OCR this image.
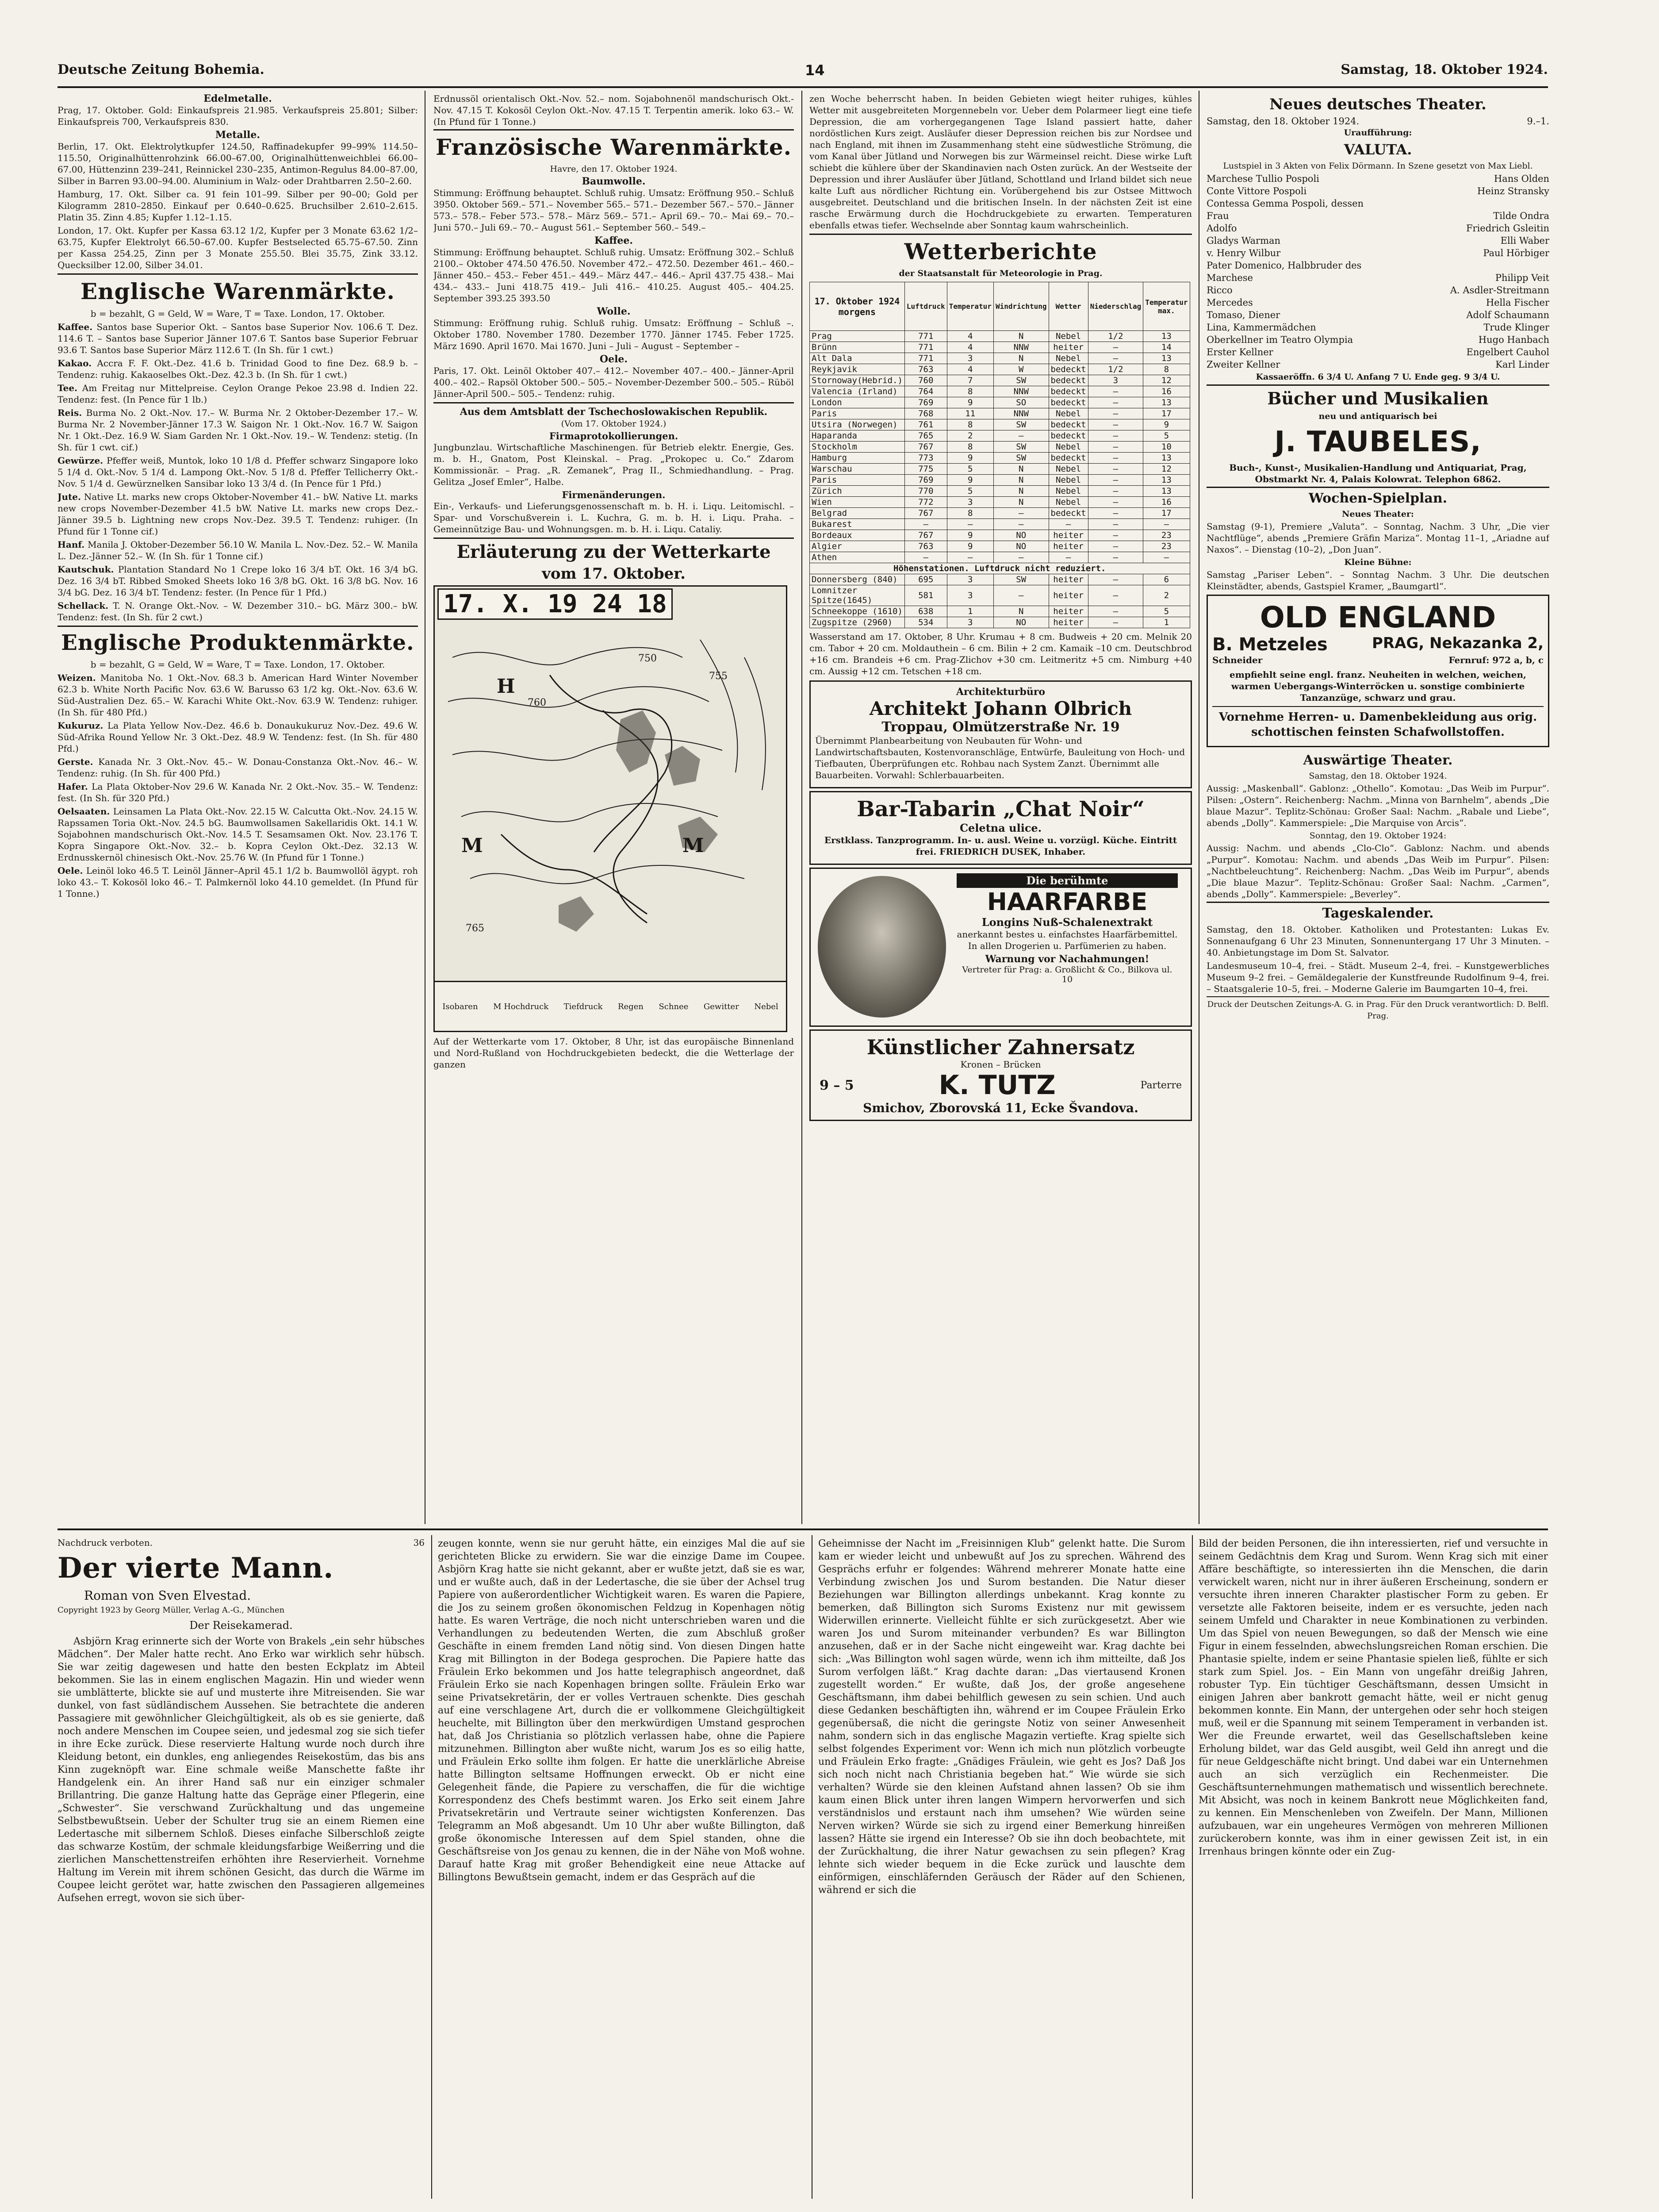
Deutsche Zeitung Bohemia.	14	Samstag, 18. Oktober 1924.
Edelmetalle.

Prag, 17. Oktober. Gold: Einkaufspreis 21.985. Verkaufspreis 25.801; Silber: Einkaufspreis 700, Verkaufspreis 830.

Metalle.

Berlin, 17. Okt. Elektrolytkupfer 124.50, Raffinadekupfer 99–99% 114.50–115.50, Originalhüttenrohzink 66.00–67.00, Originalhüttenweichblei 66.00–67.00, Hüttenzinn 239–241, Reinnickel 230–235, Antimon-Regulus 84.00–87.00, Silber in Barren 93.00–94.00. Aluminium in Walz- oder Drahtbarren 2.50–2.60.

Hamburg, 17. Okt. Silber ca. 91 fein 101–99. Silber per 90–00; Gold per Kilogramm 2810–2850. Einkauf per 0.640–0.625. Bruchsilber 2.610–2.615. Platin 35. Zinn 4.85; Kupfer 1.12–1.15.

London, 17. Okt. Kupfer per Kassa 63.12 1/2, Kupfer per 3 Monate 63.62 1/2–63.75, Kupfer Elektrolyt 66.50–67.00. Kupfer Bestselected 65.75–67.50. Zinn per Kassa 254.25, Zinn per 3 Monate 255.50. Blei 35.75, Zink 33.12. Quecksilber 12.00, Silber 34.01.

Englische Warenmärkte.

b = bezahlt, G = Geld, W = Ware, T = Taxe. London, 17. Oktober.

Kaffee. Santos base Superior Okt. – Santos base Superior Nov. 106.6 T. Dez. 114.6 T. – Santos base Superior Jänner 107.6 T. Santos base Superior Februar 93.6 T. Santos base Superior März 112.6 T. (In Sh. für 1 cwt.)

Kakao. Accra F. F. Okt.-Dez. 41.6 b. Trinidad Good to fine Dez. 68.9 b. – Tendenz: ruhig. Kakaoselbes Okt.-Dez. 42.3 b. (In Sh. für 1 cwt.)

Tee. Am Freitag nur Mittelpreise. Ceylon Orange Pekoe 23.98 d. Indien 22. Tendenz: fest. (In Pence für 1 lb.)

Reis. Burma No. 2 Okt.-Nov. 17.– W. Burma Nr. 2 Oktober-Dezember 17.– W. Burma Nr. 2 November-Jänner 17.3 W. Saigon Nr. 1 Okt.-Nov. 16.7 W. Saigon Nr. 1 Okt.-Dez. 16.9 W. Siam Garden Nr. 1 Okt.-Nov. 19.– W. Tendenz: stetig. (In Sh. für 1 cwt. cif.)

Gewürze. Pfeffer weiß, Muntok, loko 10 1/8 d. Pfeffer schwarz Singapore loko 5 1/4 d. Okt.-Nov. 5 1/4 d. Lampong Okt.-Nov. 5 1/8 d. Pfeffer Tellicherry Okt.-Nov. 5 1/4 d. Gewürznelken Sansibar loko 13 3/4 d. (In Pence für 1 Pfd.)

Jute. Native Lt. marks new crops Oktober-November 41.– bW. Native Lt. marks new crops November-Dezember 41.5 bW. Native Lt. marks new crops Dez.-Jänner 39.5 b. Lightning new crops Nov.-Dez. 39.5 T. Tendenz: ruhiger. (In Pfund für 1 Tonne cif.)

Hanf. Manila J. Oktober-Dezember 56.10 W. Manila L. Nov.-Dez. 52.– W. Manila L. Dez.-Jänner 52.– W. (In Sh. für 1 Tonne cif.)

Kautschuk. Plantation Standard No 1 Crepe loko 16 3/4 bT. Okt. 16 3/4 bG. Dez. 16 3/4 bT. Ribbed Smoked Sheets loko 16 3/8 bG. Okt. 16 3/8 bG. Nov. 16 3/4 bG. Dez. 16 3/4 bT. Tendenz: fester. (In Pence für 1 Pfd.)

Schellack. T. N. Orange Okt.-Nov. – W. Dezember 310.– bG. März 300.– bW. Tendenz: fest. (In Sh. für 2 cwt.)

Englische Produktenmärkte.

b = bezahlt, G = Geld, W = Ware, T = Taxe. London, 17. Oktober.

Weizen. Manitoba No. 1 Okt.-Nov. 68.3 b. American Hard Winter November 62.3 b. White North Pacific Nov. 63.6 W. Barusso 63 1/2 kg. Okt.-Nov. 63.6 W. Süd-Australien Dez. 65.– W. Karachi White Okt.-Nov. 63.9 W. Tendenz: ruhiger. (In Sh. für 480 Pfd.)

Kukuruz. La Plata Yellow Nov.-Dez. 46.6 b. Donaukukuruz Nov.-Dez. 49.6 W. Süd-Afrika Round Yellow Nr. 3 Okt.-Dez. 48.9 W. Tendenz: fest. (In Sh. für 480 Pfd.)

Gerste. Kanada Nr. 3 Okt.-Nov. 45.– W. Donau-Constanza Okt.-Nov. 46.– W. Tendenz: ruhig. (In Sh. für 400 Pfd.)

Hafer. La Plata Oktober-Nov 29.6 W. Kanada Nr. 2 Okt.-Nov. 35.– W. Tendenz: fest. (In Sh. für 320 Pfd.)

Oelsaaten. Leinsamen La Plata Okt.-Nov. 22.15 W. Calcutta Okt.-Nov. 24.15 W. Rapssamen Toria Okt.-Nov. 24.5 bG. Baumwollsamen Sakellaridis Okt. 14.1 W. Sojabohnen mandschurisch Okt.-Nov. 14.5 T. Sesamsamen Okt. Nov. 23.176 T. Kopra Singapore Okt.-Nov. 32.– b. Kopra Ceylon Okt.-Dez. 32.13 W. Erdnusskernöl chinesisch Okt.-Nov. 25.76 W. (In Pfund für 1 Tonne.)

Oele. Leinöl loko 46.5 T. Leinöl Jänner–April 45.1 1/2 b. Baumwollöl ägypt. roh loko 43.– T. Kokosöl loko 46.– T. Palmkernöl loko 44.10 gemeldet. (In Pfund für 1 Tonne.)

Erdnussöl orientalisch Okt.-Nov. 52.– nom. Sojabohnenöl mandschurisch Okt.-Nov. 47.15 T. Kokosöl Ceylon Okt.-Nov. 47.15 T. Terpentin amerik. loko 63.– W. (In Pfund für 1 Tonne.)

Französische Warenmärkte.

Havre, den 17. Oktober 1924.

Baumwolle.

Stimmung: Eröffnung behauptet. Schluß ruhig. Umsatz: Eröffnung 950.– Schluß 3950. Oktober 569.– 571.– November 565.– 571.– Dezember 567.– 570.– Jänner 573.– 578.– Feber 573.– 578.– März 569.– 571.– April 69.– 70.– Mai 69.– 70.– Juni 570.– Juli 69.– 70.– August 561.– September 560.– 549.–

Kaffee.

Stimmung: Eröffnung behauptet. Schluß ruhig. Umsatz: Eröffnung 302.– Schluß 2100.– Oktober 474.50 476.50. November 472.– 472.50. Dezember 461.– 460.– Jänner 450.– 453.– Feber 451.– 449.– März 447.– 446.– April 437.75 438.– Mai 434.– 433.– Juni 418.75 419.– Juli 416.– 410.25. August 405.– 404.25. September 393.25 393.50

Wolle.

Stimmung: Eröffnung ruhig. Schluß ruhig. Umsatz: Eröffnung – Schluß –. Oktober 1780. November 1780. Dezember 1770. Jänner 1745. Feber 1725. März 1690. April 1670. Mai 1670. Juni – Juli – August – September –

Oele.

Paris, 17. Okt. Leinöl Oktober 407.– 412.– November 407.– 400.– Jänner-April 400.– 402.– Rapsöl Oktober 500.– 505.– November-Dezember 500.– 505.– Rüböl Jänner-April 500.– 505.– Tendenz: ruhig.

Aus dem Amtsblatt der Tschechoslowakischen Republik.

(Vom 17. Oktober 1924.)

Firmaprotokollierungen.

Jungbunzlau. Wirtschaftliche Maschinengen. für Betrieb elektr. Energie, Ges. m. b. H., Gnatom, Post Kleinskal. – Prag. „Prokopec u. Co.“ Zdarom Kommissionär. – Prag. „R. Zemanek“, Prag II., Schmiedhandlung. – Prag. Gelitza „Josef Emler“, Halbe.

Firmenänderungen.

Ein-, Verkaufs- und Lieferungsgenossenschaft m. b. H. i. Liqu. Leitomischl. – Spar- und Vorschußverein i. L. Kuchra, G. m. b. H. i. Liqu. Praha. – Gemeinnützige Bau- und Wohnungsgen. m. b. H. i. Liqu. Cataliy.

Erläuterung zu der Wetterkarte
vom 17. Oktober.
17. X. 19 24 18
H
M	M
760
750
755
765
Isobaren M Hochdruck Tiefdruck Regen Schnee Gewitter Nebel

Auf der Wetterkarte vom 17. Oktober, 8 Uhr, ist das europäische Binnenland und Nord-Rußland von Hochdruckgebieten bedeckt, die die Wetterlage der ganzen

zen Woche beherrscht haben. In beiden Gebieten wiegt heiter ruhiges, kühles Wetter mit ausgebreiteten Morgennebeln vor. Ueber dem Polarmeer liegt eine tiefe Depression, die am vorhergegangenen Tage Island passiert hatte, daher nordöstlichen Kurs zeigt. Ausläufer dieser Depression reichen bis zur Nordsee und nach England, mit ihnen im Zusammenhang steht eine südwestliche Strömung, die vom Kanal über Jütland und Norwegen bis zur Wärmeinsel reicht. Diese wirke Luft schiebt die kühlere über der Skandinavien nach Osten zurück. An der Westseite der Depression und ihrer Ausläufer über Jütland, Schottland und Irland bildet sich neue kalte Luft aus nördlicher Richtung ein. Vorübergehend bis zur Ostsee Mittwoch ausgebreitet. Deutschland und die britischen Inseln. In der nächsten Zeit ist eine rasche Erwärmung durch die Hochdruckgebiete zu erwarten. Temperaturen ebenfalls etwas tiefer. Wechselnde aber Sonntag kaum wahrscheinlich.

Wetterberichte

der Staatsanstalt für Meteorologie in Prag.

17. Oktober 1924
morgens	Luftdruck	Temperatur	Windrichtung	Wetter	Niederschlag	Temperatur max.
Prag	771	4	N	Nebel	1/2	13
Brünn	771	4	NNW	heiter	–	14
Alt Dala	771	3	N	Nebel	–	13
Reykjavik	763	4	W	bedeckt	1/2	8
Stornoway(Hebrid.)	760	7	SW	bedeckt	3	12
Valencia (Irland)	764	8	NNW	bedeckt	–	16
London	769	9	SO	bedeckt	–	13
Paris	768	11	NNW	Nebel	–	17
Utsira (Norwegen)	761	8	SW	bedeckt	–	9
Haparanda	765	2	–	bedeckt	–	5
Stockholm	767	8	SW	Nebel	–	10
Hamburg	773	9	SW	bedeckt	–	13
Warschau	775	5	N	Nebel	–	12
Paris	769	9	N	Nebel	–	13
Zürich	770	5	N	Nebel	–	13
Wien	772	3	N	Nebel	–	16
Belgrad	767	8	–	bedeckt	–	17
Bukarest	–	–	–	–	–	–
Bordeaux	767	9	NO	heiter	–	23
Algier	763	9	NO	heiter	–	23
Athen	–	–	–	–	–	–
Höhenstationen. Luftdruck nicht reduziert.						
Donnersberg (840)	695	3	SW	heiter	–	6
Lomnitzer Spitze(1645)	581	3	–	heiter	–	2
Schneekoppe (1610)	638	1	N	heiter	–	5
Zugspitze (2960)	534	3	NO	heiter	–	1

Wasserstand am 17. Oktober, 8 Uhr. Krumau + 8 cm. Budweis + 20 cm. Melnik 20 cm. Tabor + 20 cm. Moldauthein – 6 cm. Bilin + 2 cm. Kamaik –10 cm. Deutschbrod +16 cm. Brandeis +6 cm. Prag-Zlichov +30 cm. Leitmeritz +5 cm. Nimburg +40 cm. Aussig +12 cm. Tetschen +18 cm.

Architekturbüro
Architekt Johann Olbrich
Troppau, Olmützerstraße Nr. 19

Übernimmt Planbearbeitung von Neubauten für Wohn- und Landwirtschaftsbauten, Kostenvoranschläge, Entwürfe, Bauleitung von Hoch- und Tiefbauten, Überprüfungen etc. Rohbau nach System Zanzt. Übernimmt alle Bauarbeiten. Vorwahl: Schlerbauarbeiten.

Bar-Tabarin „Chat Noir“
Celetna ulice.

Erstklass. Tanzprogramm. In- u. ausl. Weine u. vorzügl. Küche. Eintritt frei. FRIEDRICH DUSEK, Inhaber.

Die berühmte
HAARFARBE
Longins Nuß-Schalenextrakt

anerkannt bestes u. einfachstes Haarfärbemittel. In allen Drogerien u. Parfümerien zu haben.

Warnung vor Nachahmungen!
Vertreter für Prag: a. Großlicht & Co., Bilkova ul. 10
Künstlicher Zahnersatz
Kronen – Brücken
9 – 5	K. TUTZ	Parterre
Smichov, Zborovská 11, Ecke Švandova.
Neues deutsches Theater.
Samstag, den 18. Oktober 1924.	9.–1.

Uraufführung:

VALUTA.

Lustspiel in 3 Akten von Felix Dörmann. In Szene gesetzt von Max Liebl.

Marchese Tullio Pospoli	Hans Olden
Conte Vittore Pospoli	Heinz Stransky
Contessa Gemma Pospoli, dessen
Frau	Tilde Ondra
Adolfo	Friedrich Gsleitin
Gladys Warman	Elli Waber
v. Henry Wilbur	Paul Hörbiger
Pater Domenico, Halbbruder des
Marchese	Philipp Veit
Ricco	A. Asdler-Streitmann
Mercedes	Hella Fischer
Tomaso, Diener	Adolf Schaumann
Lina, Kammermädchen	Trude Klinger
Oberkellner im Teatro Olympia	Hugo Hanbach
Erster Kellner	Engelbert Cauhol
Zweiter Kellner	Karl Linder

Kassaeröffn. 6 3/4 U. Anfang 7 U. Ende geg. 9 3/4 U.

Bücher und Musikalien

neu und antiquarisch bei

J. TAUBELES,

Buch-, Kunst-, Musikalien-Handlung und Antiquariat, Prag, Obstmarkt Nr. 4, Palais Kolowrat. Telephon 6862.

Wochen-Spielplan.

Neues Theater:

Samstag (9-1), Premiere „Valuta“. – Sonntag, Nachm. 3 Uhr, „Die vier Nachtflüge“, abends „Premiere Gräfin Mariza“. Montag 11–1, „Ariadne auf Naxos“. – Dienstag (10–2), „Don Juan“.

Kleine Bühne:

Samstag „Pariser Leben“. – Sonntag Nachm. 3 Uhr. Die deutschen Kleinstädter, abends, Gastspiel Kramer, „Baumgartl“.

OLD ENGLAND
B. Metzeles	PRAG, Nekazanka 2,
Schneider	Fernruf: 972 a, b, c

empfiehlt seine engl. franz. Neuheiten in welchen, weichen, warmen Uebergangs-Winterröcken u. sonstige combinierte Tanzanzüge, schwarz und grau.

Vornehme Herren- u. Damenbekleidung aus orig. schottischen feinsten Schafwollstoffen.

Auswärtige Theater.

Samstag, den 18. Oktober 1924.

Aussig: „Maskenball“. Gablonz: „Othello“. Komotau: „Das Weib im Purpur“. Pilsen: „Ostern“. Reichenberg: Nachm. „Minna von Barnhelm“, abends „Die blaue Mazur“. Teplitz-Schönau: Großer Saal: Nachm. „Rabale und Liebe“, abends „Dolly“. Kammerspiele: „Die Marquise von Arcis“.

Sonntag, den 19. Oktober 1924:

Aussig: Nachm. und abends „Clo-Clo“. Gablonz: Nachm. und abends „Purpur“. Komotau: Nachm. und abends „Das Weib im Purpur“. Pilsen: „Nachtbeleuchtung“. Reichenberg: Nachm. „Das Weib im Purpur“, abends „Die blaue Mazur“. Teplitz-Schönau: Großer Saal: Nachm. „Carmen“, abends „Dolly“. Kammerspiele: „Beverley“.

Tageskalender.

Samstag, den 18. Oktober. Katholiken und Protestanten: Lukas Ev. Sonnenaufgang 6 Uhr 23 Minuten, Sonnenuntergang 17 Uhr 3 Minuten. – 40. Anbietungstage im Dom St. Salvator.

Landesmuseum 10–4, frei. – Städt. Museum 2–4, frei. – Kunstgewerbliches Museum 9–2 frei. – Gemäldegalerie der Kunstfreunde Rudolfinum 9–4, frei. – Staatsgalerie 10–5, frei. – Moderne Galerie im Baumgarten 10–4, frei.

Druck der Deutschen Zeitungs-A. G. in Prag. Für den Druck verantwortlich: D. Belfl. Prag.

Nachdruck verboten.	36
Der vierte Mann.

Roman von Sven Elvestad.

Copyright 1923 by Georg Müller, Verlag A.-G., München

Der Reisekamerad.

Asbjörn Krag erinnerte sich der Worte von Brakels „ein sehr hübsches Mädchen“. Der Maler hatte recht. Ano Erko war wirklich sehr hübsch. Sie war zeitig dagewesen und hatte den besten Eckplatz im Abteil bekommen. Sie las in einem englischen Magazin. Hin und wieder wenn sie umblätterte, blickte sie auf und musterte ihre Mitreisenden. Sie war dunkel, von fast südländischem Aussehen. Sie betrachtete die anderen Passagiere mit gewöhnlicher Gleichgültigkeit, als ob es sie genierte, daß noch andere Menschen im Coupee seien, und jedesmal zog sie sich tiefer in ihre Ecke zurück. Diese reservierte Haltung wurde noch durch ihre Kleidung betont, ein dunkles, eng anliegendes Reisekostüm, das bis ans Kinn zugeknöpft war. Eine schmale weiße Manschette faßte ihr Handgelenk ein. An ihrer Hand saß nur ein einziger schmaler Brillantring. Die ganze Haltung hatte das Gepräge einer Pflegerin, eine „Schwester“. Sie verschwand Zurückhaltung und das ungemeine Selbstbewußtsein. Ueber der Schulter trug sie an einem Riemen eine Ledertasche mit silbernem Schloß. Dieses einfache Silberschloß zeigte das schwarze Kostüm, der schmale kleidungsfarbige Weißerring und die zierlichen Manschettenstreifen erhöhten ihre Reservierheit. Vornehme Haltung im Verein mit ihrem schönen Gesicht, das durch die Wärme im Coupee leicht gerötet war, hatte zwischen den Passagieren allgemeines Aufsehen erregt, wovon sie sich über-

zeugen konnte, wenn sie nur geruht hätte, ein einziges Mal die auf sie gerichteten Blicke zu erwidern. Sie war die einzige Dame im Coupee. Asbjörn Krag hatte sie nicht gekannt, aber er wußte jetzt, daß sie es war, und er wußte auch, daß in der Ledertasche, die sie über der Achsel trug Papiere von außerordentlicher Wichtigkeit waren. Es waren die Papiere, die Jos zu seinem großen ökonomischen Feldzug in Kopenhagen nötig hatte. Es waren Verträge, die noch nicht unterschrieben waren und die Verhandlungen zu bedeutenden Werten, die zum Abschluß großer Geschäfte in einem fremden Land nötig sind. Von diesen Dingen hatte Krag mit Billington in der Bodega gesprochen. Die Papiere hatte das Fräulein Erko bekommen und Jos hatte telegraphisch angeordnet, daß Fräulein Erko sie nach Kopenhagen bringen sollte. Fräulein Erko war seine Privatsekretärin, der er volles Vertrauen schenkte. Dies geschah auf eine verschlagene Art, durch die er vollkommene Gleichgültigkeit heuchelte, mit Billington über den merkwürdigen Umstand gesprochen hat, daß Jos Christiania so plötzlich verlassen habe, ohne die Papiere mitzunehmen. Billington aber wußte nicht, warum Jos es so eilig hatte, und Fräulein Erko sollte ihm folgen. Er hatte die unerklärliche Abreise hatte Billington seltsame Hoffnungen erweckt. Ob er nicht eine Gelegenheit fände, die Papiere zu verschaffen, die für die wichtige Korrespondenz des Chefs bestimmt waren. Jos Erko seit einem Jahre Privatsekretärin und Vertraute seiner wichtigsten Konferenzen. Das Telegramm an Moß abgesandt. Um 10 Uhr aber wußte Billington, daß große ökonomische Interessen auf dem Spiel standen, ohne die Geschäftsreise von Jos genau zu kennen, die in der Nähe von Moß wohne. Darauf hatte Krag mit großer Behendigkeit eine neue Attacke auf Billingtons Bewußtsein gemacht, indem er das Gespräch auf die

Geheimnisse der Nacht im „Freisinnigen Klub“ gelenkt hatte. Die Surom kam er wieder leicht und unbewußt auf Jos zu sprechen. Während des Gesprächs erfuhr er folgendes: Während mehrerer Monate hatte eine Verbindung zwischen Jos und Surom bestanden. Die Natur dieser Beziehungen war Billington allerdings unbekannt. Krag konnte zu bemerken, daß Billington sich Suroms Existenz nur mit gewissem Widerwillen erinnerte. Vielleicht fühlte er sich zurückgesetzt. Aber wie waren Jos und Surom miteinander verbunden? Es war Billington anzusehen, daß er in der Sache nicht eingeweiht war. Krag dachte bei sich: „Was Billington wohl sagen würde, wenn ich ihm mitteilte, daß Jos Surom verfolgen läßt.“ Krag dachte daran: „Das viertausend Kronen zugestellt worden.“ Er wußte, daß Jos, der große angesehene Geschäftsmann, ihm dabei behilflich gewesen zu sein schien. Und auch diese Gedanken beschäftigten ihn, während er im Coupee Fräulein Erko gegenübersaß, die nicht die geringste Notiz von seiner Anwesenheit nahm, sondern sich in das englische Magazin vertiefte. Krag spielte sich selbst folgendes Experiment vor: Wenn ich mich nun plötzlich vorbeugte und Fräulein Erko fragte: „Gnädiges Fräulein, wie geht es Jos? Daß Jos sich noch nicht nach Christiania begeben hat.“ Wie würde sie sich verhalten? Würde sie den kleinen Aufstand ahnen lassen? Ob sie ihm kaum einen Blick unter ihren langen Wimpern hervorwerfen und sich verständnislos und erstaunt nach ihm umsehen? Wie würden seine Nerven wirken? Würde sie sich zu irgend einer Bemerkung hinreißen lassen? Hätte sie irgend ein Interesse? Ob sie ihn doch beobachtete, mit der Zurückhaltung, die ihrer Natur gewachsen zu sein pflegen? Krag lehnte sich wieder bequem in die Ecke zurück und lauschte dem einförmigen, einschläfernden Geräusch der Räder auf den Schienen, während er sich die

Bild der beiden Personen, die ihn interessierten, rief und versuchte in seinem Gedächtnis dem Krag und Surom. Wenn Krag sich mit einer Affäre beschäftigte, so interessierten ihn die Menschen, die darin verwickelt waren, nicht nur in ihrer äußeren Erscheinung, sondern er versuchte ihren inneren Charakter plastischer Form zu geben. Er versetzte alle Faktoren beiseite, indem er es versuchte, jeden nach seinem Umfeld und Charakter in neue Kombinationen zu verbinden. Um das Spiel von neuen Bewegungen, so daß der Mensch wie eine Figur in einem fesselnden, abwechslungsreichen Roman erschien. Die Phantasie spielte, indem er seine Phantasie spielen ließ, fühlte er sich stark zum Spiel. Jos. – Ein Mann von ungefähr dreißig Jahren, robuster Typ. Ein tüchtiger Geschäftsmann, dessen Umsicht in einigen Jahren aber bankrott gemacht hätte, weil er nicht genug bekommen konnte. Ein Mann, der untergehen oder sehr hoch steigen muß, weil er die Spannung mit seinem Temperament in verbanden ist. Wer die Freunde erwartet, weil das Gesellschaftsleben keine Erholung bildet, war das Geld ausgibt, weil Geld ihn anregt und die für neue Geldgeschäfte nicht bringt. Und dabei war ein Unternehmen auch an sich verzüglich ein Rechenmeister. Die Geschäftsunternehmungen mathematisch und wissentlich berechnete. Mit Absicht, was noch in keinem Bankrott neue Möglichkeiten fand, zu kennen. Ein Menschenleben von Zweifeln. Der Mann, Millionen aufzubauen, war ein ungeheures Vermögen von mehreren Millionen zurückerobern konnte, was ihm in einer gewissen Zeit ist, in ein Irrenhaus bringen könnte oder ein Zug-
